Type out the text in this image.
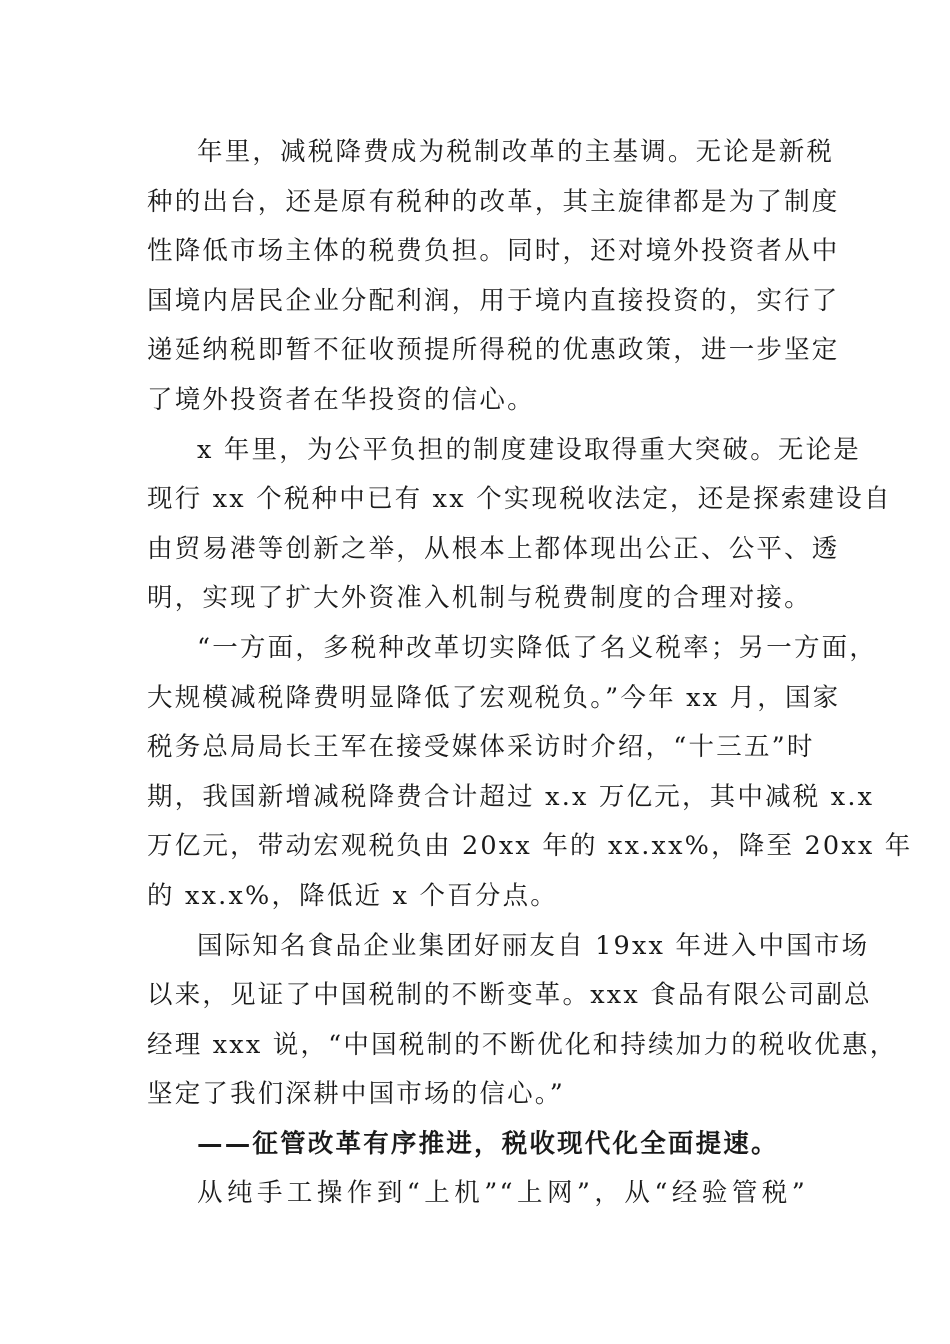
年里，减税降费成为税制改革的主基调。无论是新税
种的出台，还是原有税种的改革，其主旋律都是为了制度
性降低市场主体的税费负担。同时，还对境外投资者从中
国境内居民企业分配利润，用于境内直接投资的，实行了
递延纳税即暂不征收预提所得税的优惠政策，进一步坚定
了境外投资者在华投资的信心。
x 年里，为公平负担的制度建设取得重大突破。无论是
现行 xx 个税种中已有 xx 个实现税收法定，还是探索建设自
由贸易港等创新之举，从根本上都体现出公正、公平、透
明，实现了扩大外资准入机制与税费制度的合理对接。
“一方面，多税种改革切实降低了名义税率；另一方面，
大规模减税降费明显降低了宏观税负。”今年 xx 月，国家
税务总局局长王军在接受媒体采访时介绍，“十三五”时
期，我国新增减税降费合计超过 x.x 万亿元，其中减税 x.x
万亿元，带动宏观税负由 20xx 年的 xx.xx%，降至 20xx 年
的 xx.x%，降低近 x 个百分点。
国际知名食品企业集团好丽友自 19xx 年进入中国市场
以来，见证了中国税制的不断变革。xxx 食品有限公司副总
经理 xxx 说，“中国税制的不断优化和持续加力的税收优惠，
坚定了我们深耕中国市场的信心。”
——征管改革有序推进，税收现代化全面提速。
从纯手工操作到“上机”“上网”，从“经验管税”
